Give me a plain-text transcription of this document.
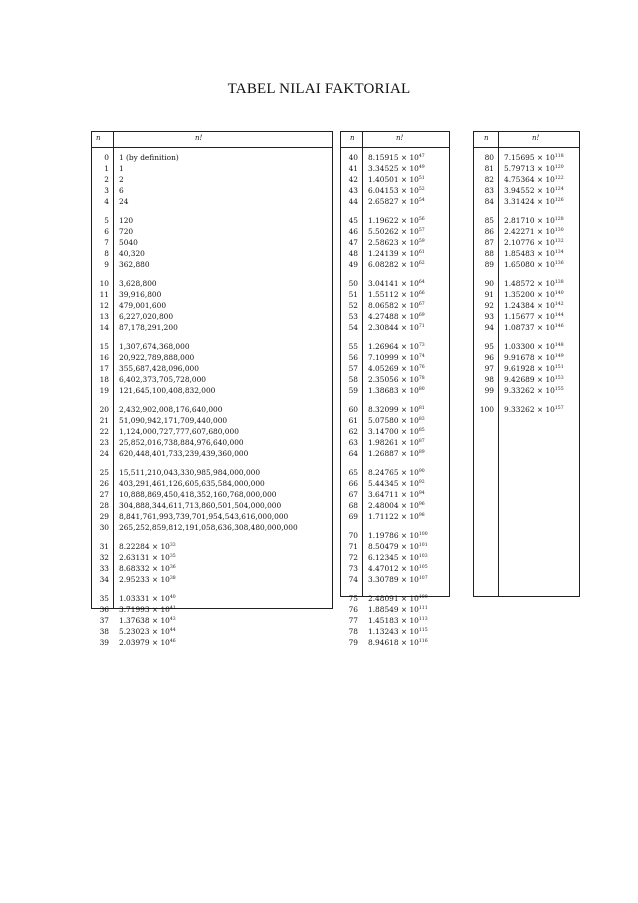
TABEL NILAI FAKTORIAL
n	n!
0	1 (by definition)
1	1
2	2
3	6
4	24
5	120
6	720
7	5040
8	40,320
9	362,880
10	3,628,800
11	39,916,800
12	479,001,600
13	6,227,020,800
14	87,178,291,200
15	1,307,674,368,000
16	20,922,789,888,000
17	355,687,428,096,000
18	6,402,373,705,728,000
19	121,645,100,408,832,000
20	2,432,902,008,176,640,000
21	51,090,942,171,709,440,000
22	1,124,000,727,777,607,680,000
23	25,852,016,738,884,976,640,000
24	620,448,401,733,239,439,360,000
25	15,511,210,043,330,985,984,000,000
26	403,291,461,126,605,635,584,000,000
27	10,888,869,450,418,352,160,768,000,000
28	304,888,344,611,713,860,501,504,000,000
29	8,841,761,993,739,701,954,543,616,000,000
30	265,252,859,812,191,058,636,308,480,000,000
31	$8.22284 \times 10^{33}$
32	$2.63131 \times 10^{35}$
33	$8.68332 \times 10^{36}$
34	$2.95233 \times 10^{38}$
35	$1.03331 \times 10^{40}$
36	$3.71993 \times 10^{41}$
37	$1.37638 \times 10^{43}$
38	$5.23023 \times 10^{44}$
39	$2.03979 \times 10^{46}$
n	n!
40	$8.15915 \times 10^{47}$
41	$3.34525 \times 10^{49}$
42	$1.40501 \times 10^{51}$
43	$6.04153 \times 10^{52}$
44	$2.65827 \times 10^{54}$
45	$1.19622 \times 10^{56}$
46	$5.50262 \times 10^{57}$
47	$2.58623 \times 10^{59}$
48	$1.24139 \times 10^{61}$
49	$6.08282 \times 10^{62}$
50	$3.04141 \times 10^{64}$
51	$1.55112 \times 10^{66}$
52	$8.06582 \times 10^{67}$
53	$4.27488 \times 10^{69}$
54	$2.30844 \times 10^{71}$
55	$1.26964 \times 10^{73}$
56	$7.10999 \times 10^{74}$
57	$4.05269 \times 10^{76}$
58	$2.35056 \times 10^{78}$
59	$1.38683 \times 10^{80}$
60	$8.32099 \times 10^{81}$
61	$5.07580 \times 10^{83}$
62	$3.14700 \times 10^{85}$
63	$1.98261 \times 10^{87}$
64	$1.26887 \times 10^{89}$
65	$8.24765 \times 10^{90}$
66	$5.44345 \times 10^{92}$
67	$3.64711 \times 10^{94}$
68	$2.48004 \times 10^{96}$
69	$1.71122 \times 10^{98}$
70	$1.19786 \times 10^{100}$
71	$8.50479 \times 10^{101}$
72	$6.12345 \times 10^{103}$
73	$4.47012 \times 10^{105}$
74	$3.30789 \times 10^{107}$
75	$2.48091 \times 10^{109}$
76	$1.88549 \times 10^{111}$
77	$1.45183 \times 10^{113}$
78	$1.13243 \times 10^{115}$
79	$8.94618 \times 10^{116}$
n	n!
80	$7.15695 \times 10^{118}$
81	$5.79713 \times 10^{120}$
82	$4.75364 \times 10^{122}$
83	$3.94552 \times 10^{124}$
84	$3.31424 \times 10^{126}$
85	$2.81710 \times 10^{128}$
86	$2.42271 \times 10^{130}$
87	$2.10776 \times 10^{132}$
88	$1.85483 \times 10^{134}$
89	$1.65080 \times 10^{136}$
90	$1.48572 \times 10^{138}$
91	$1.35200 \times 10^{140}$
92	$1.24384 \times 10^{142}$
93	$1.15677 \times 10^{144}$
94	$1.08737 \times 10^{146}$
95	$1.03300 \times 10^{148}$
96	$9.91678 \times 10^{149}$
97	$9.61928 \times 10^{151}$
98	$9.42689 \times 10^{153}$
99	$9.33262 \times 10^{155}$
100	$9.33262 \times 10^{157}$
